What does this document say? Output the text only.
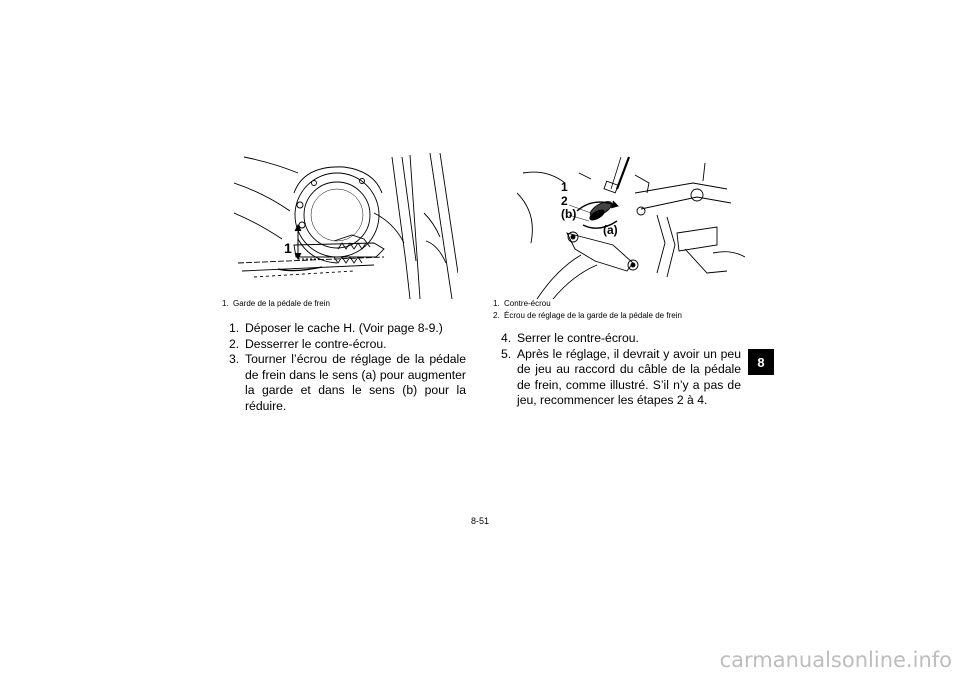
1
1. Garde de la pédale de frein
1. Déposer le cache H. (Voir page 8-9.)
2. Desserrer le contre-écrou.
3. Tourner l’écrou de réglage de la pédale de frein dans le sens (a) pour augmenter la garde et dans le sens (b) pour la réduire.
1
2
(b)
(a)
1. Contre-écrou
2. Écrou de réglage de la garde de la pédale de frein
4. Serrer le contre-écrou.
5. Après le réglage, il devrait y avoir un peu de jeu au raccord du câble de la pédale de frein, comme illustré. S’il n’y a pas de jeu, recommencer les étapes 2 à 4.
8
8-51
carmanualsonline.info
